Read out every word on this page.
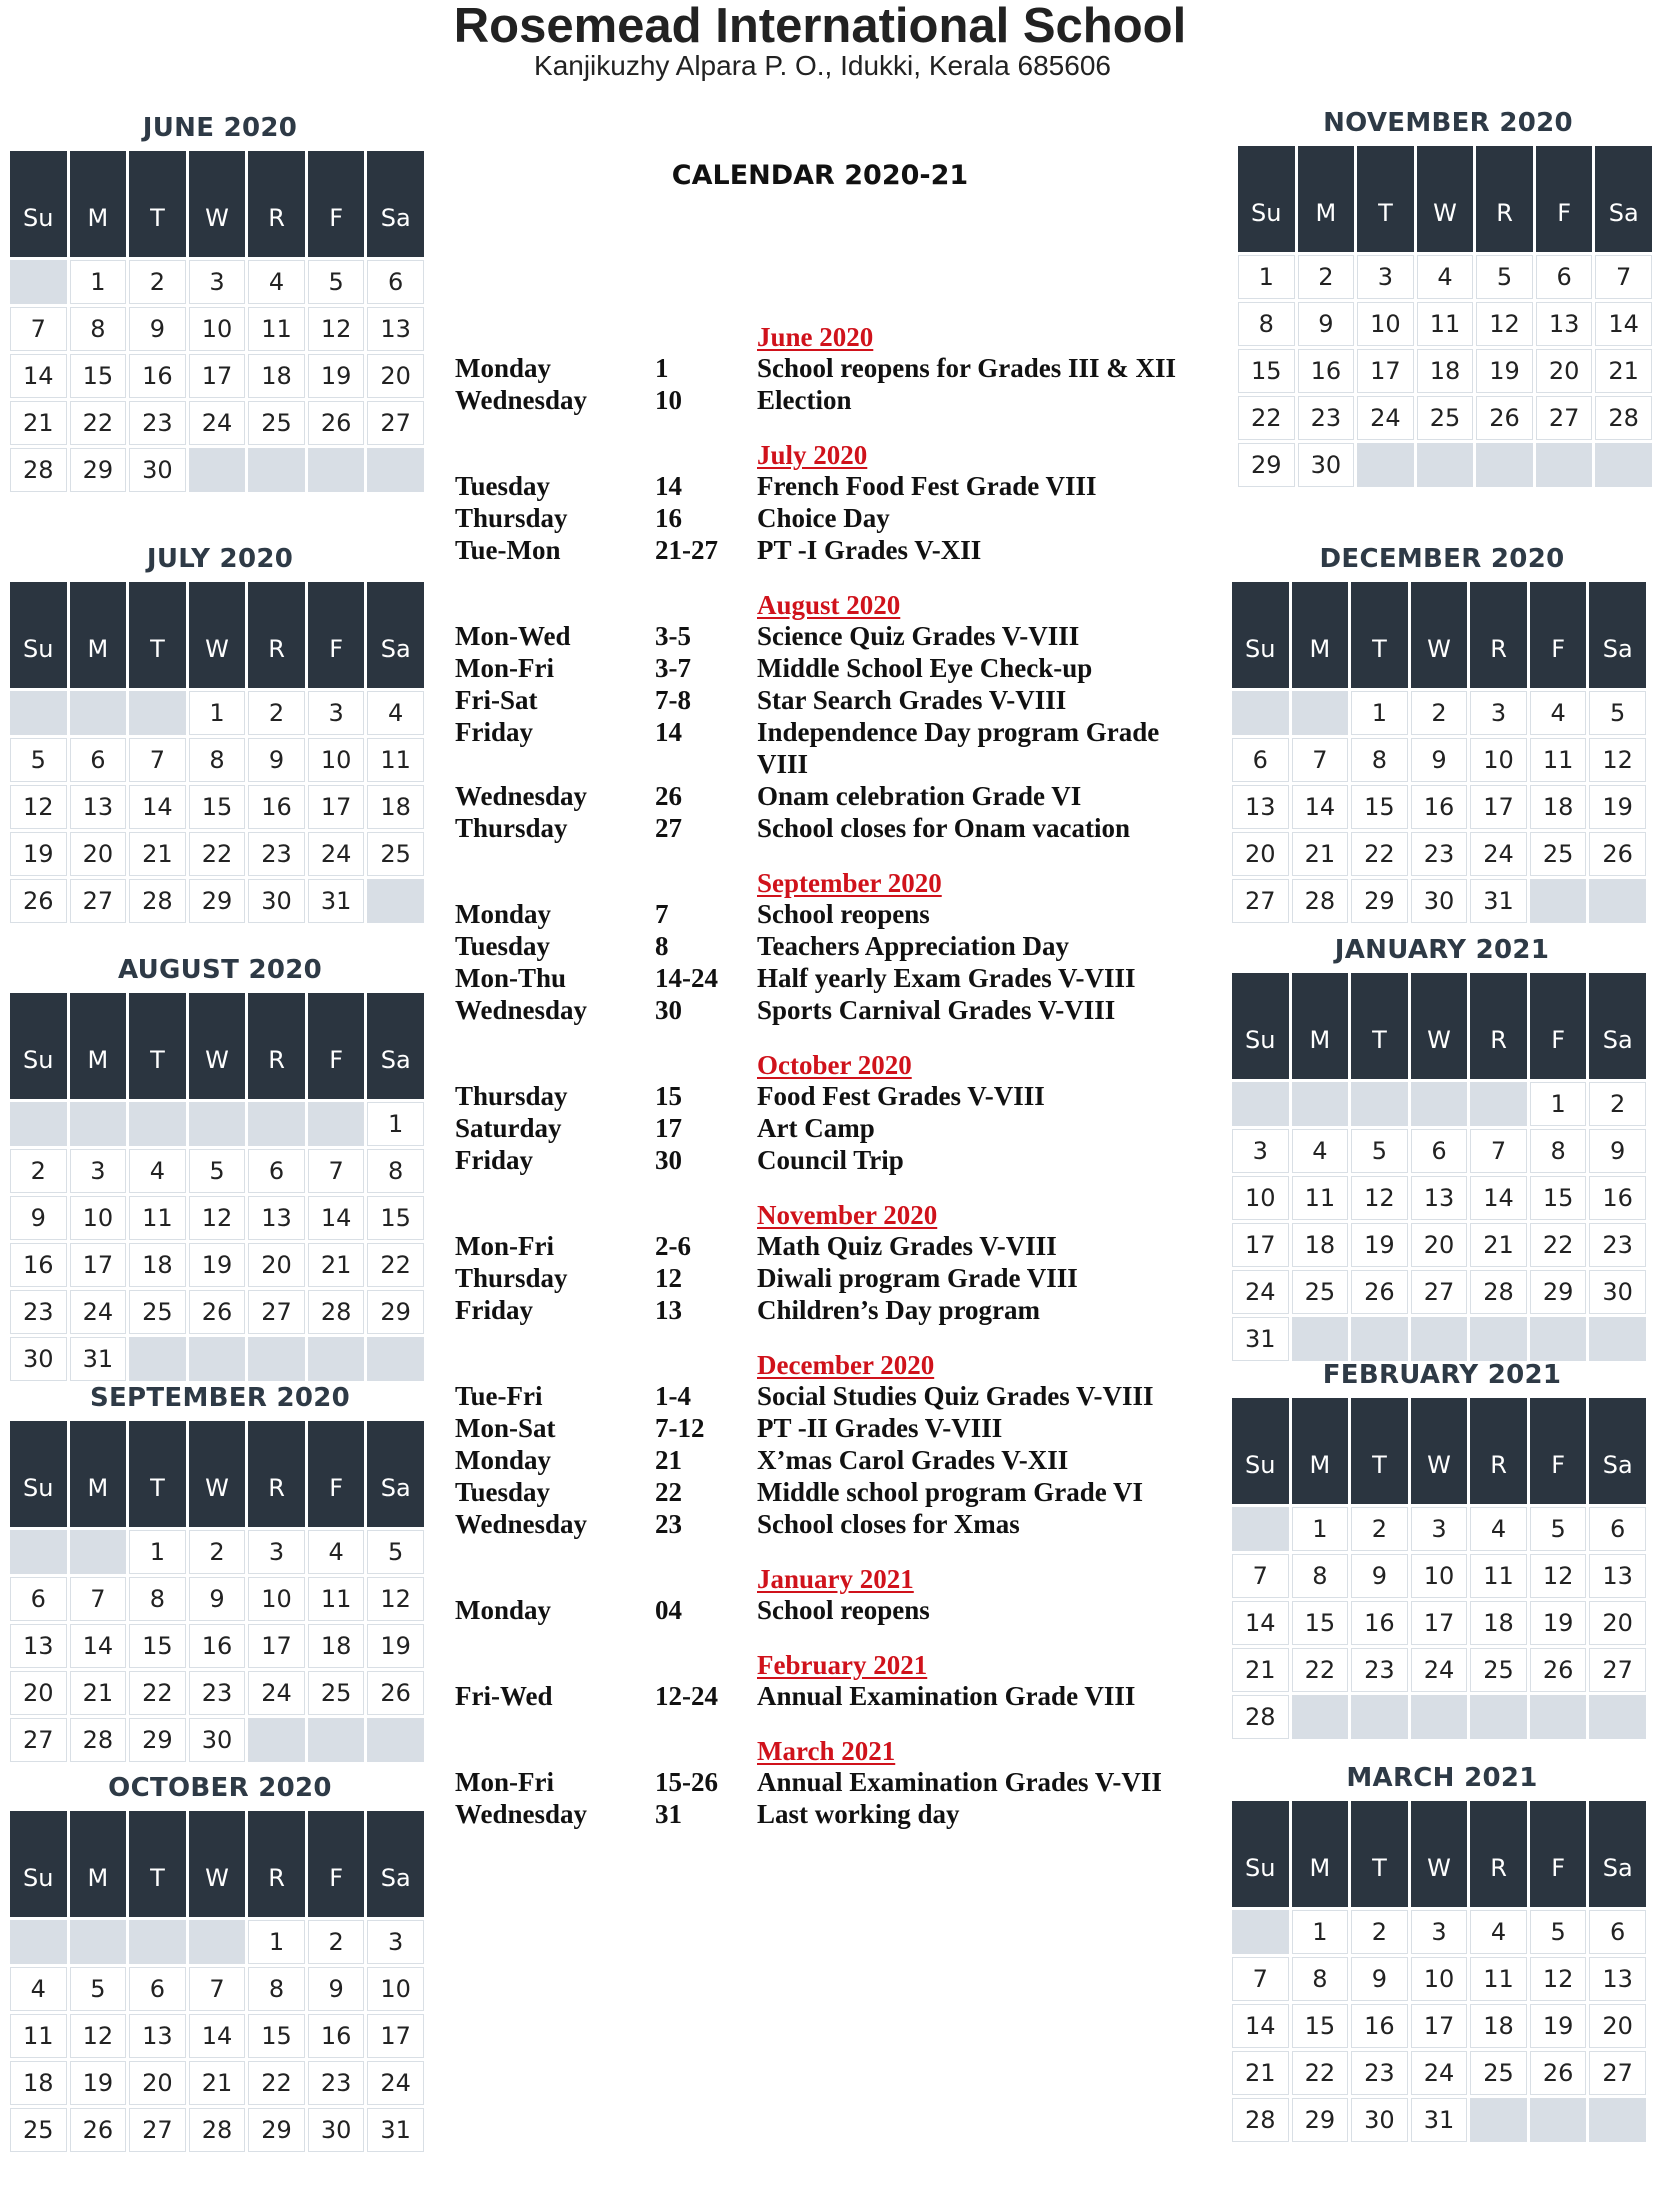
Rosemead International School
Kanjikuzhy Alpara P. O., Idukki, Kerala 685606
CALENDAR 2020-21
JUNE 2020
Su	M	T	W	R	F	Sa
	1	2	3	4	5	6
7	8	9	10	11	12	13
14	15	16	17	18	19	20
21	22	23	24	25	26	27
28	29	30				
JULY 2020
Su	M	T	W	R	F	Sa
			1	2	3	4
5	6	7	8	9	10	11
12	13	14	15	16	17	18
19	20	21	22	23	24	25
26	27	28	29	30	31	
AUGUST 2020
Su	M	T	W	R	F	Sa
						1
2	3	4	5	6	7	8
9	10	11	12	13	14	15
16	17	18	19	20	21	22
23	24	25	26	27	28	29
30	31					
SEPTEMBER 2020
Su	M	T	W	R	F	Sa
		1	2	3	4	5
6	7	8	9	10	11	12
13	14	15	16	17	18	19
20	21	22	23	24	25	26
27	28	29	30			
OCTOBER 2020
Su	M	T	W	R	F	Sa
				1	2	3
4	5	6	7	8	9	10
11	12	13	14	15	16	17
18	19	20	21	22	23	24
25	26	27	28	29	30	31
NOVEMBER 2020
Su	M	T	W	R	F	Sa
1	2	3	4	5	6	7
8	9	10	11	12	13	14
15	16	17	18	19	20	21
22	23	24	25	26	27	28
29	30					
DECEMBER 2020
Su	M	T	W	R	F	Sa
		1	2	3	4	5
6	7	8	9	10	11	12
13	14	15	16	17	18	19
20	21	22	23	24	25	26
27	28	29	30	31		
JANUARY 2021
Su	M	T	W	R	F	Sa
					1	2
3	4	5	6	7	8	9
10	11	12	13	14	15	16
17	18	19	20	21	22	23
24	25	26	27	28	29	30
31						
FEBRUARY 2021
Su	M	T	W	R	F	Sa
	1	2	3	4	5	6
7	8	9	10	11	12	13
14	15	16	17	18	19	20
21	22	23	24	25	26	27
28						
MARCH 2021
Su	M	T	W	R	F	Sa
	1	2	3	4	5	6
7	8	9	10	11	12	13
14	15	16	17	18	19	20
21	22	23	24	25	26	27
28	29	30	31			
June 2020
Monday	1	School reopens for Grades III & XII
Wednesday	10	Election
July 2020
Tuesday	14	French Food Fest Grade VIII
Thursday	16	Choice Day
Tue-Mon	21-27	PT -I Grades V-XII
August 2020
Mon-Wed	3-5	Science Quiz Grades V-VIII
Mon-Fri	3-7	Middle School Eye Check-up
Fri-Sat	7-8	Star Search Grades V-VIII
Friday	14	Independence Day program Grade VIII
Wednesday	26	Onam celebration Grade VI
Thursday	27	School closes for Onam vacation
September 2020
Monday	7	School reopens
Tuesday	8	Teachers Appreciation Day
Mon-Thu	14-24	Half yearly Exam Grades V-VIII
Wednesday	30	Sports Carnival Grades V-VIII
October 2020
Thursday	15	Food Fest Grades V-VIII
Saturday	17	Art Camp
Friday	30	Council Trip
November 2020
Mon-Fri	2-6	Math Quiz Grades V-VIII
Thursday	12	Diwali program Grade VIII
Friday	13	Children’s Day program
December 2020
Tue-Fri	1-4	Social Studies Quiz Grades V-VIII
Mon-Sat	7-12	PT -II Grades V-VIII
Monday	21	X’mas Carol Grades V-XII
Tuesday	22	Middle school program Grade VI
Wednesday	23	School closes for Xmas
January 2021
Monday	04	School reopens
February 2021
Fri-Wed	12-24	Annual Examination Grade VIII
March 2021
Mon-Fri	15-26	Annual Examination Grades V-VII
Wednesday	31	Last working day
